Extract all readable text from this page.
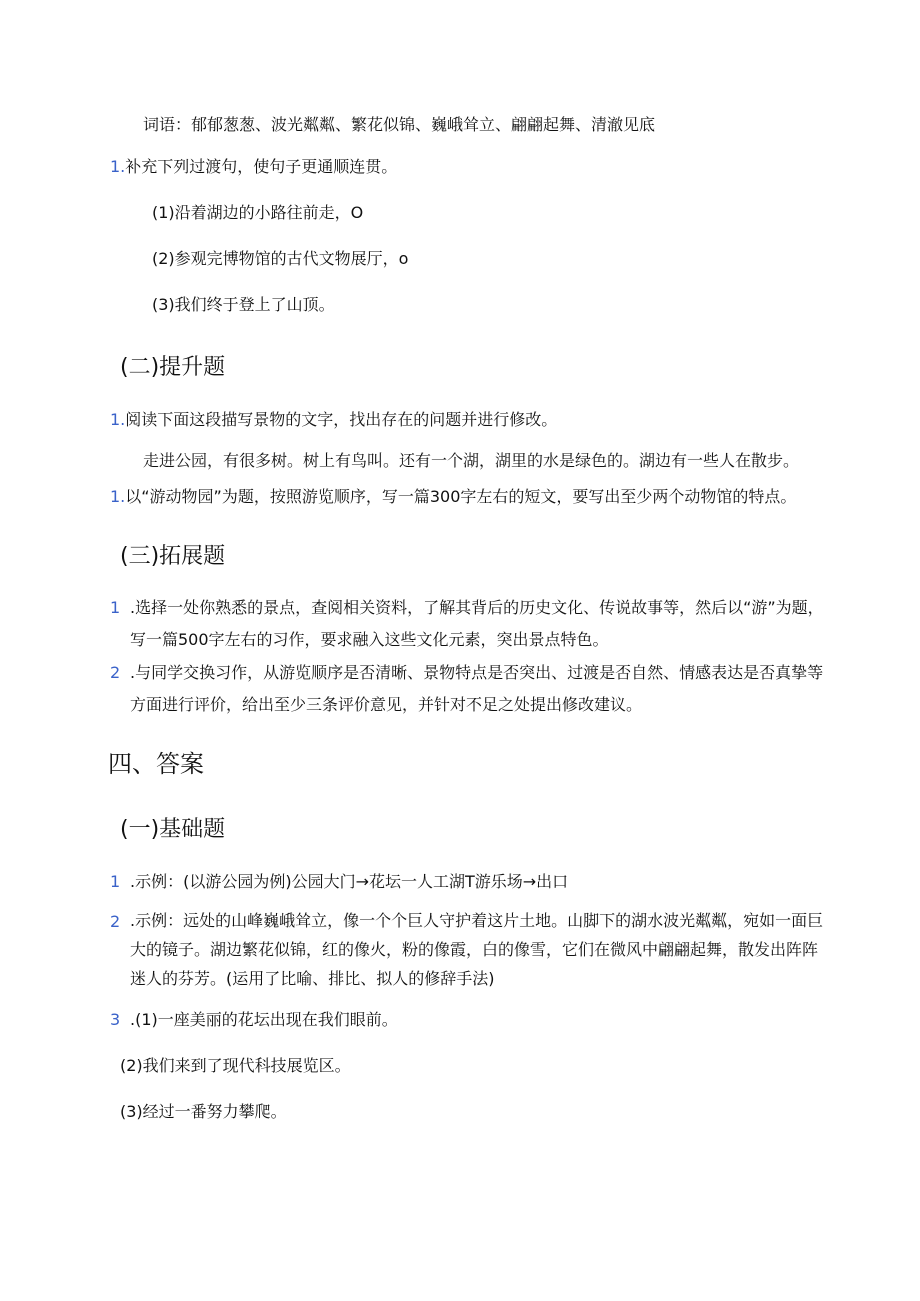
词语：郁郁葱葱、波光粼粼、繁花似锦、巍峨耸立、翩翩起舞、清澈见底
1.补充下列过渡句，使句子更通顺连贯。
(1)沿着湖边的小路往前走，O
(2)参观完博物馆的古代文物展厅，o
(3)我们终于登上了山顶。
(二)提升题
1.阅读下面这段描写景物的文字，找出存在的问题并进行修改。
走进公园，有很多树。树上有鸟叫。还有一个湖，湖里的水是绿色的。湖边有一些人在散步。
1.以“游动物园”为题，按照游览顺序，写一篇300字左右的短文，要写出至少两个动物馆的特点。
(三)拓展题
1 .选择一处你熟悉的景点，查阅相关资料，了解其背后的历史文化、传说故事等，然后以“游”为题，写一篇500字左右的习作，要求融入这些文化元素，突出景点特色。
2 .与同学交换习作，从游览顺序是否清晰、景物特点是否突出、过渡是否自然、情感表达是否真挚等方面进行评价，给出至少三条评价意见，并针对不足之处提出修改建议。
四、答案
(一)基础题
1 .示例：(以游公园为例)公园大门→花坛一人工湖T游乐场→出口
2 .示例：远处的山峰巍峨耸立，像一个个巨人守护着这片土地。山脚下的湖水波光粼粼，宛如一面巨大的镜子。湖边繁花似锦，红的像火，粉的像霞，白的像雪，它们在微风中翩翩起舞，散发出阵阵迷人的芬芳。(运用了比喻、排比、拟人的修辞手法)
3 .(1)一座美丽的花坛出现在我们眼前。
(2)我们来到了现代科技展览区。
(3)经过一番努力攀爬。
